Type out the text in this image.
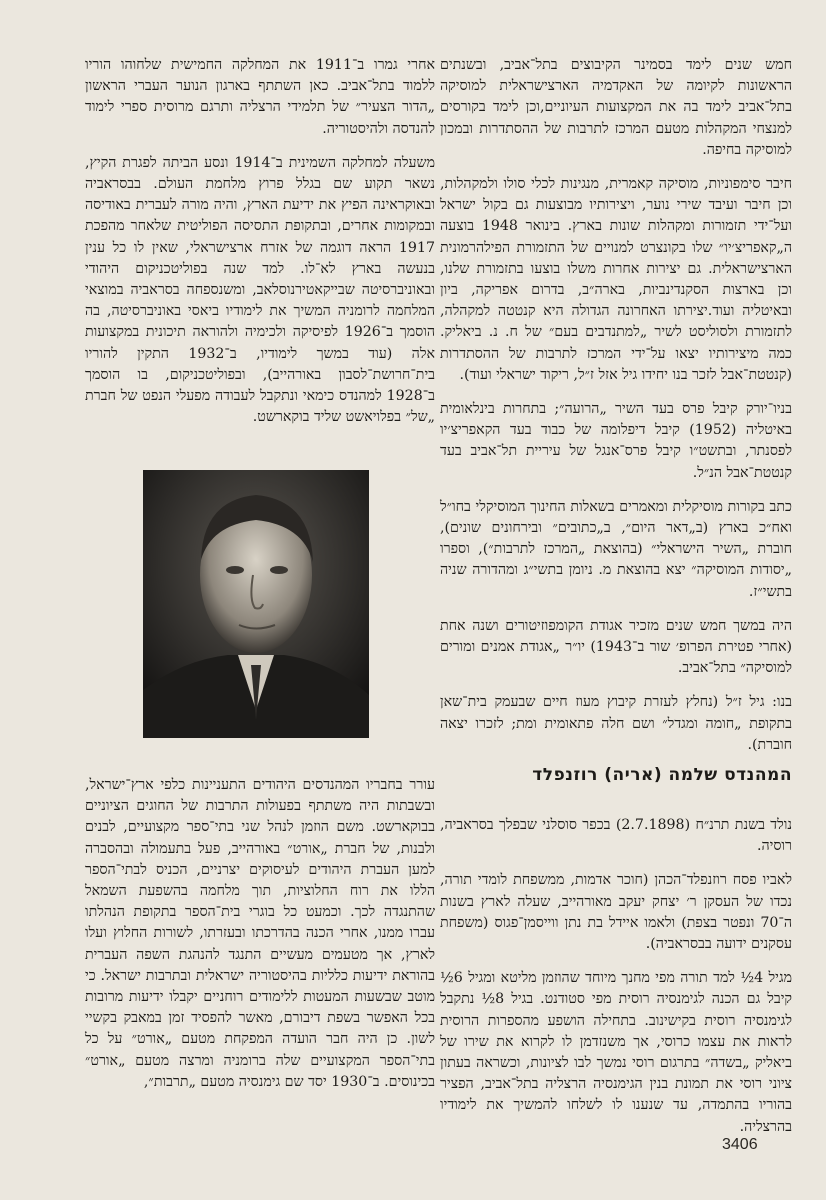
חמש שנים לימד בסמינר הקיבוצים בתל־אביב, ובשנתים הראשונות לקיומה של האקדמיה הארצישראלית למוסיקה בתל־אביב לימד בה את המקצועות העיוניים,וכן לימד בקורסים למנצחי המקהלות מטעם המרכז לתרבות של ההסתדרות ובמכון למוסיקה בחיפה.

חיבר סימפוניות, מוסיקה קאמרית, מנגינות לכלי סולו ולמקהלות, וכן חיבר ועיבד שירי נוער, ויצירותיו מבוצעות גם בקול ישראל ועל־ידי תזמורות ומקהלות שונות בארץ. בינואר 1948 בוצעה ה„קאפריצ׳יו״ שלו בקונצרט למנויים של התזמורת הפילהרמונית הארצישראלית. גם יצירות אחרות משלו בוצעו בתזמורת שלנו, וכן בארצות הסקנדינביות, בארה״ב, בדרום אפריקה, ביון ובאיטליה ועוד.יצירתו האחרונה הגדולה היא קנטטה למקהלה, לתזמורת ולסוליסט לשיר „למתנדבים בעם״ של ח. נ. ביאליק. כמה מיצירותיו יצאו על־ידי המרכז לתרבות של ההסתדרות (קנטטת־אבל לזכר בנו יחידו גיל אזל ז״ל, ריקוד ישראלי ועוד).

בניו־יורק קיבל פרס בעד השיר „הרועה״; בתחרות בינלאומית באיטליה (1952) קיבל דיפלומה של כבוד בעד הקאפריצ׳יו לפסנתר, ובתשט״ו קיבל פרס־אנגל של עיריית תל־אביב בעד קנטטת־אבל הנ״ל.

כתב בקורות מוסיקלית ומאמרים בשאלות החינוך המוסיקלי בחו״ל ואח״כ בארץ (ב„דאר היום״, ב„כתובים״ ובירחונים שונים), חוברת „השיר הישראלי״ (בהוצאת „המרכז לתרבות״), וספרו „יסודות המוסיקה״ יצא בהוצאת מ. ניומן בתשי״ג ומהדורה שניה בתשי״ז.

היה במשך חמש שנים מזכיר אגודת הקומפוזיטורים ושנה אחת (אחרי פטירת הפרופ׳ שור ב־1943) יו״ר „אגודת אמנים ומורים למוסיקה״ בתל־אביב.

בנו: גיל ז״ל (נחלץ לעזרת קיבוץ מעוז חיים שבעמק בית־שאן בתקופת „חומה ומגדל״ ושם חלה פתאומית ומת; לזכרו יצאה חוברת).

אחרי גמרו ב־1911 את המחלקה החמישית שלחוהו הוריו ללמוד בתל־אביב. כאן השתתף בארגון הנוער העברי הראשון „הדור הצעיר״ של תלמידי הרצליה ותרגם מרוסית ספרי לימוד להנדסה ולהיסטוריה.

משעלה למחלקה השמינית ב־1914 ונסע הביתה לפגרת הקיץ, נשאר תקוע שם בגלל פרוץ מלחמת העולם. בבסראביה ובאוקראינה הפיץ את ידיעת הארץ, והיה מורה לעברית באודיסה ובמקומות אחרים, ובתקופת התסיסה הפוליטית שלאחר מהפכת 1917 הראה דוגמה של אזרח ארצישראלי, שאין לו כל ענין בנעשה בארץ לא־לו. למד שנה בפוליטכניקום היהודי ובאוניברסיטה שבייקאטירנוסלאב, ומשנספחה בסראביה במוצאי המלחמה לרומניה המשיך את לימודיו ביאסי באוניברסיטה, בה הוסמך ב־1926 לפיסיקה ולכימיה ולהוראה תיכונית במקצועות אלה (עוד במשך לימודיו, ב־1932 התקין להוריו בית־חרושת־לסבון באורהייב), ובפוליטכניקום, בו הוסמך ב־1928 למהנדס כימאי ונתקבל לעבודה מפעלי הנפט של חברת „של״ בפלויאשט שליד בוקארשט.

המהנדס שלמה (אריה) רוזנפלד

נולד בשנת תרנ״ח (2.7.1898) בכפר סוסלני שבפלך בסראביה, רוסיה.

לאביו פסח רוזנפלד־הכהן (חוכר אדמות, ממשפחת לומדי תורה, נכדו של העסקן ר׳ יצחק יעקב מאורהייב, שעלה לארץ בשנות ה־70 ונפטר בצפת) ולאמו איידל בת נתן ווייסמן־פגוס (משפחת עסקנים ידועה בבסראביה).

מגיל 4½ למד תורה מפי מחנך מיוחד שהוזמן מליטא ומגיל 6½ קיבל גם הכנה לגימנסיה רוסית מפי סטודנט. בגיל 8½ נתקבל לגימנסיה רוסית בקישינוב. בתחילה הושפע מהספרות הרוסית לראות את עצמו כרוסי, אך משנזדמן לו לקרוא את שירו של ביאליק „בשדה״ בתרגום רוסי נמשך לבו לציונות, וכשראה בעתון ציוני רוסי את תמונת בנין הגימנסיה הרצליה בתל־אביב, הפציר בהוריו בהתמדה, עד שנענו לו לשלחו להמשיך את לימודיו בהרצליה.

עורר בחבריו המהנדסים היהודים התעניינות כלפי ארץ־ישראל, ובשבתות היה משתתף בפעולות התרבות של החוגים הציוניים בבוקארשט. משם הוזמן לנהל שני בתי־ספר מקצועיים, לבנים ולבנות, של חברת „אורט״ באורהייב, פעל בתעמולה ובהסברה למען העברת היהודים לעיסוקים יצרניים, הכניס לבתי־הספר הללו את רוח החלוציות, תוך מלחמה בהשפעת השמאל שהתנגדה לכך. וכמעט כל בוגרי בית־הספר בתקופת הנהלתו עברו ממנו, אחרי הכנה בהדרכתו ובעזרתו, לשורות החלוץ ועלו לארץ, אך מטעמים מעשיים התנגד להנהגת השפה העברית בהוראת ידיעות כלליות בהיסטוריה ישראלית ובתרבות ישראל. כי מוטב שבשעות המעטות ללימודים רוחניים יקבלו ידיעות מרובות בכל האפשר בשפת דיבורם, מאשר להפסיד זמן במאבק בקשיי לשון. כן היה חבר הועדה המפקחת מטעם „אורט״ על כל בתי־הספר המקצועיים שלה ברומניה ומרצה מטעם „אורט״ בכינוסים. ב־1930 יסד שם גימנסיה מטעם „תרבות״,

3406
